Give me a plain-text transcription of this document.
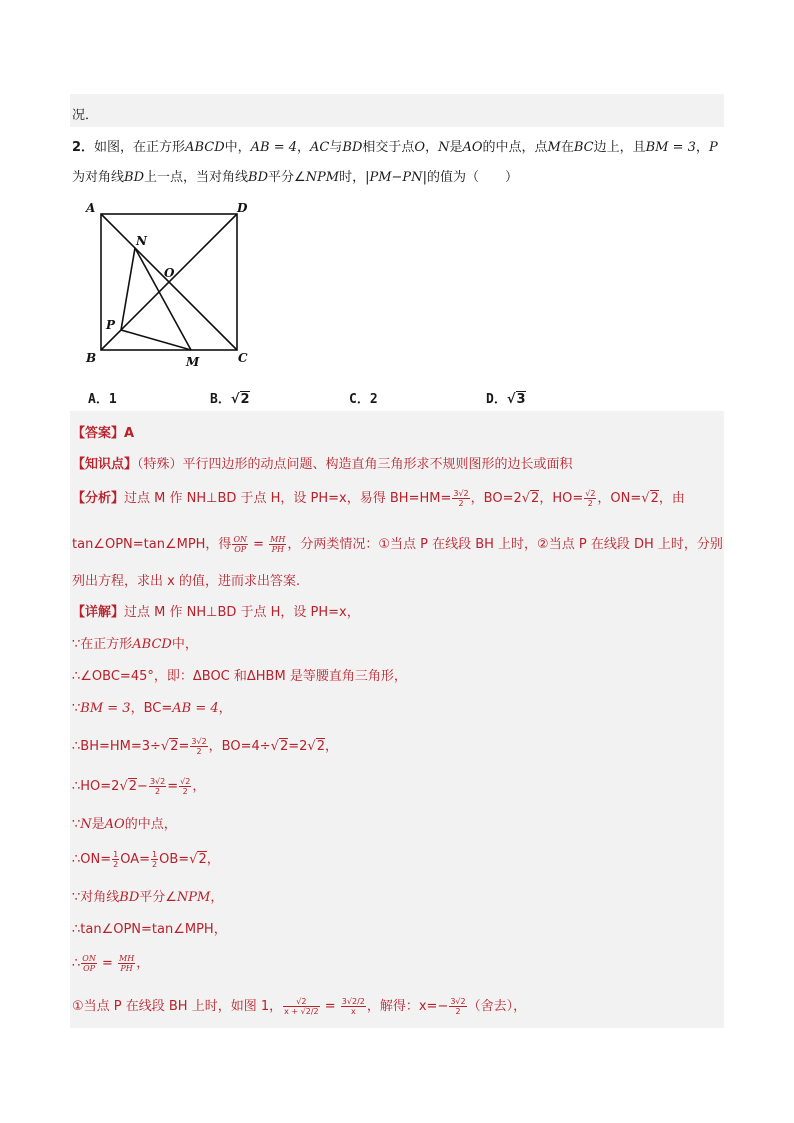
况．
2．如图，在正方形ABCD中，AB = 4，AC与BD相交于点O，N是AO的中点，点M在BC边上，且BM = 3，P
为对角线BD上一点，当对角线BD平分∠NPM时，|PM−PN|的值为（　　）
A	D
N
O
P
B	M	C
A．1	B．√2	C．2	D．√3
【答案】A
【知识点】（特殊）平行四边形的动点问题、构造直角三角形求不规则图形的边长或面积
【分析】过点 M 作 NH⊥BD 于点 H，设 PH=x，易得 $BH=HM= \frac{3√2}{2}$ ，BO=2√2，$HO= \frac{√2}{2}$ ，ON=√2，由
tan∠OPN=tan∠MPH，得 $\frac{ON}{OP} = \frac{MH}{PH}$ ，分两类情况：①当点 P 在线段 BH 上时，②当点 P 在线段 DH 上时，分别
列出方程，求出 x 的值，进而求出答案.
【详解】过点 M 作 NH⊥BD 于点 H，设 PH=x，
∵在正方形ABCD中，
∴∠OBC=45°，即：ΔBOC 和ΔHBM 是等腰直角三角形，
∵BM = 3，BC=AB = 4，
∴BH=HM=3÷√2= $\frac{3√2}{2}$ ，BO=4÷√2=2√2，
∴HO=2√2− $\frac{3√2}{2} = \frac{√2}{2}$ ，
∵N是AO的中点，
∴ON= $\frac{1}{2} OA= \frac{1}{2} OB=√2$，
∵对角线BD平分∠NPM，
∴tan∠OPN=tan∠MPH，
∴ $\frac{ON}{OP} = \frac{MH}{PH}$ ，
①当点 P 在线段 BH 上时，如图 1， $\frac{√2}{x + √2/2} = \frac{3√2/2}{x}$ ，解得：$x=- \frac{3√2}{2}$ （舍去），
